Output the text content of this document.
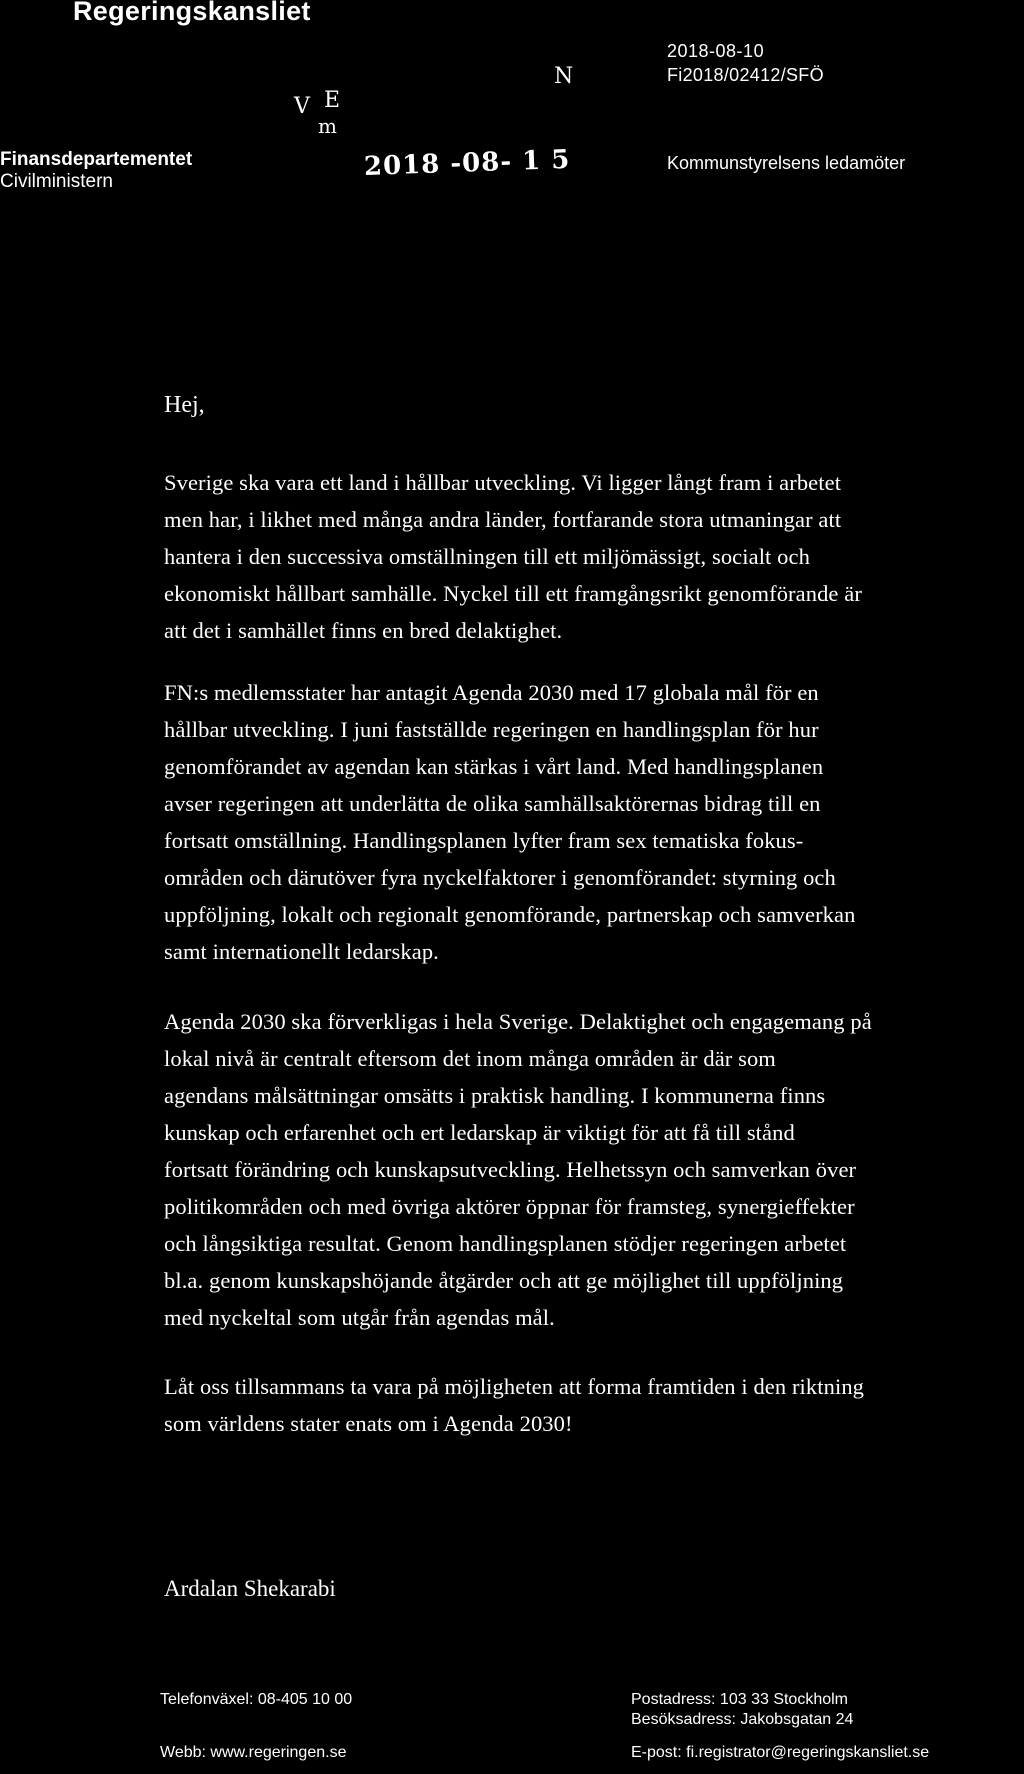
Regeringskansliet
2018-08-10
Fi2018/02412/SFÖ
Finansdepartementet
Civilministern
Kommunstyrelsens ledamöter
N
V E
m
2018 -08- 1 5
Hej,

Sverige ska vara ett land i hållbar utveckling. Vi ligger långt fram i arbetet
men har, i likhet med många andra länder, fortfarande stora utmaningar att
hantera i den successiva omställningen till ett miljömässigt, socialt och
ekonomiskt hållbart samhälle. Nyckel till ett framgångsrikt genomförande är
att det i samhället finns en bred delaktighet.

FN:s medlemsstater har antagit Agenda 2030 med 17 globala mål för en
hållbar utveckling. I juni fastställde regeringen en handlingsplan för hur
genomförandet av agendan kan stärkas i vårt land. Med handlingsplanen
avser regeringen att underlätta de olika samhällsaktörernas bidrag till en
fortsatt omställning. Handlingsplanen lyfter fram sex tematiska fokus-
områden och därutöver fyra nyckelfaktorer i genomförandet: styrning och
uppföljning, lokalt och regionalt genomförande, partnerskap och samverkan
samt internationellt ledarskap.

Agenda 2030 ska förverkligas i hela Sverige. Delaktighet och engagemang på
lokal nivå är centralt eftersom det inom många områden är där som
agendans målsättningar omsätts i praktisk handling. I kommunerna finns
kunskap och erfarenhet och ert ledarskap är viktigt för att få till stånd
fortsatt förändring och kunskapsutveckling. Helhetssyn och samverkan över
politikområden och med övriga aktörer öppnar för framsteg, synergieffekter
och långsiktiga resultat. Genom handlingsplanen stödjer regeringen arbetet
bl.a. genom kunskapshöjande åtgärder och att ge möjlighet till uppföljning
med nyckeltal som utgår från agendas mål.

Låt oss tillsammans ta vara på möjligheten att forma framtiden i den riktning
som världens stater enats om i Agenda 2030!

Ardalan Shekarabi
Telefonväxel: 08-405 10 00
Webb: www.regeringen.se
Postadress: 103 33 Stockholm
Besöksadress: Jakobsgatan 24
E-post: fi.registrator@regeringskansliet.se
